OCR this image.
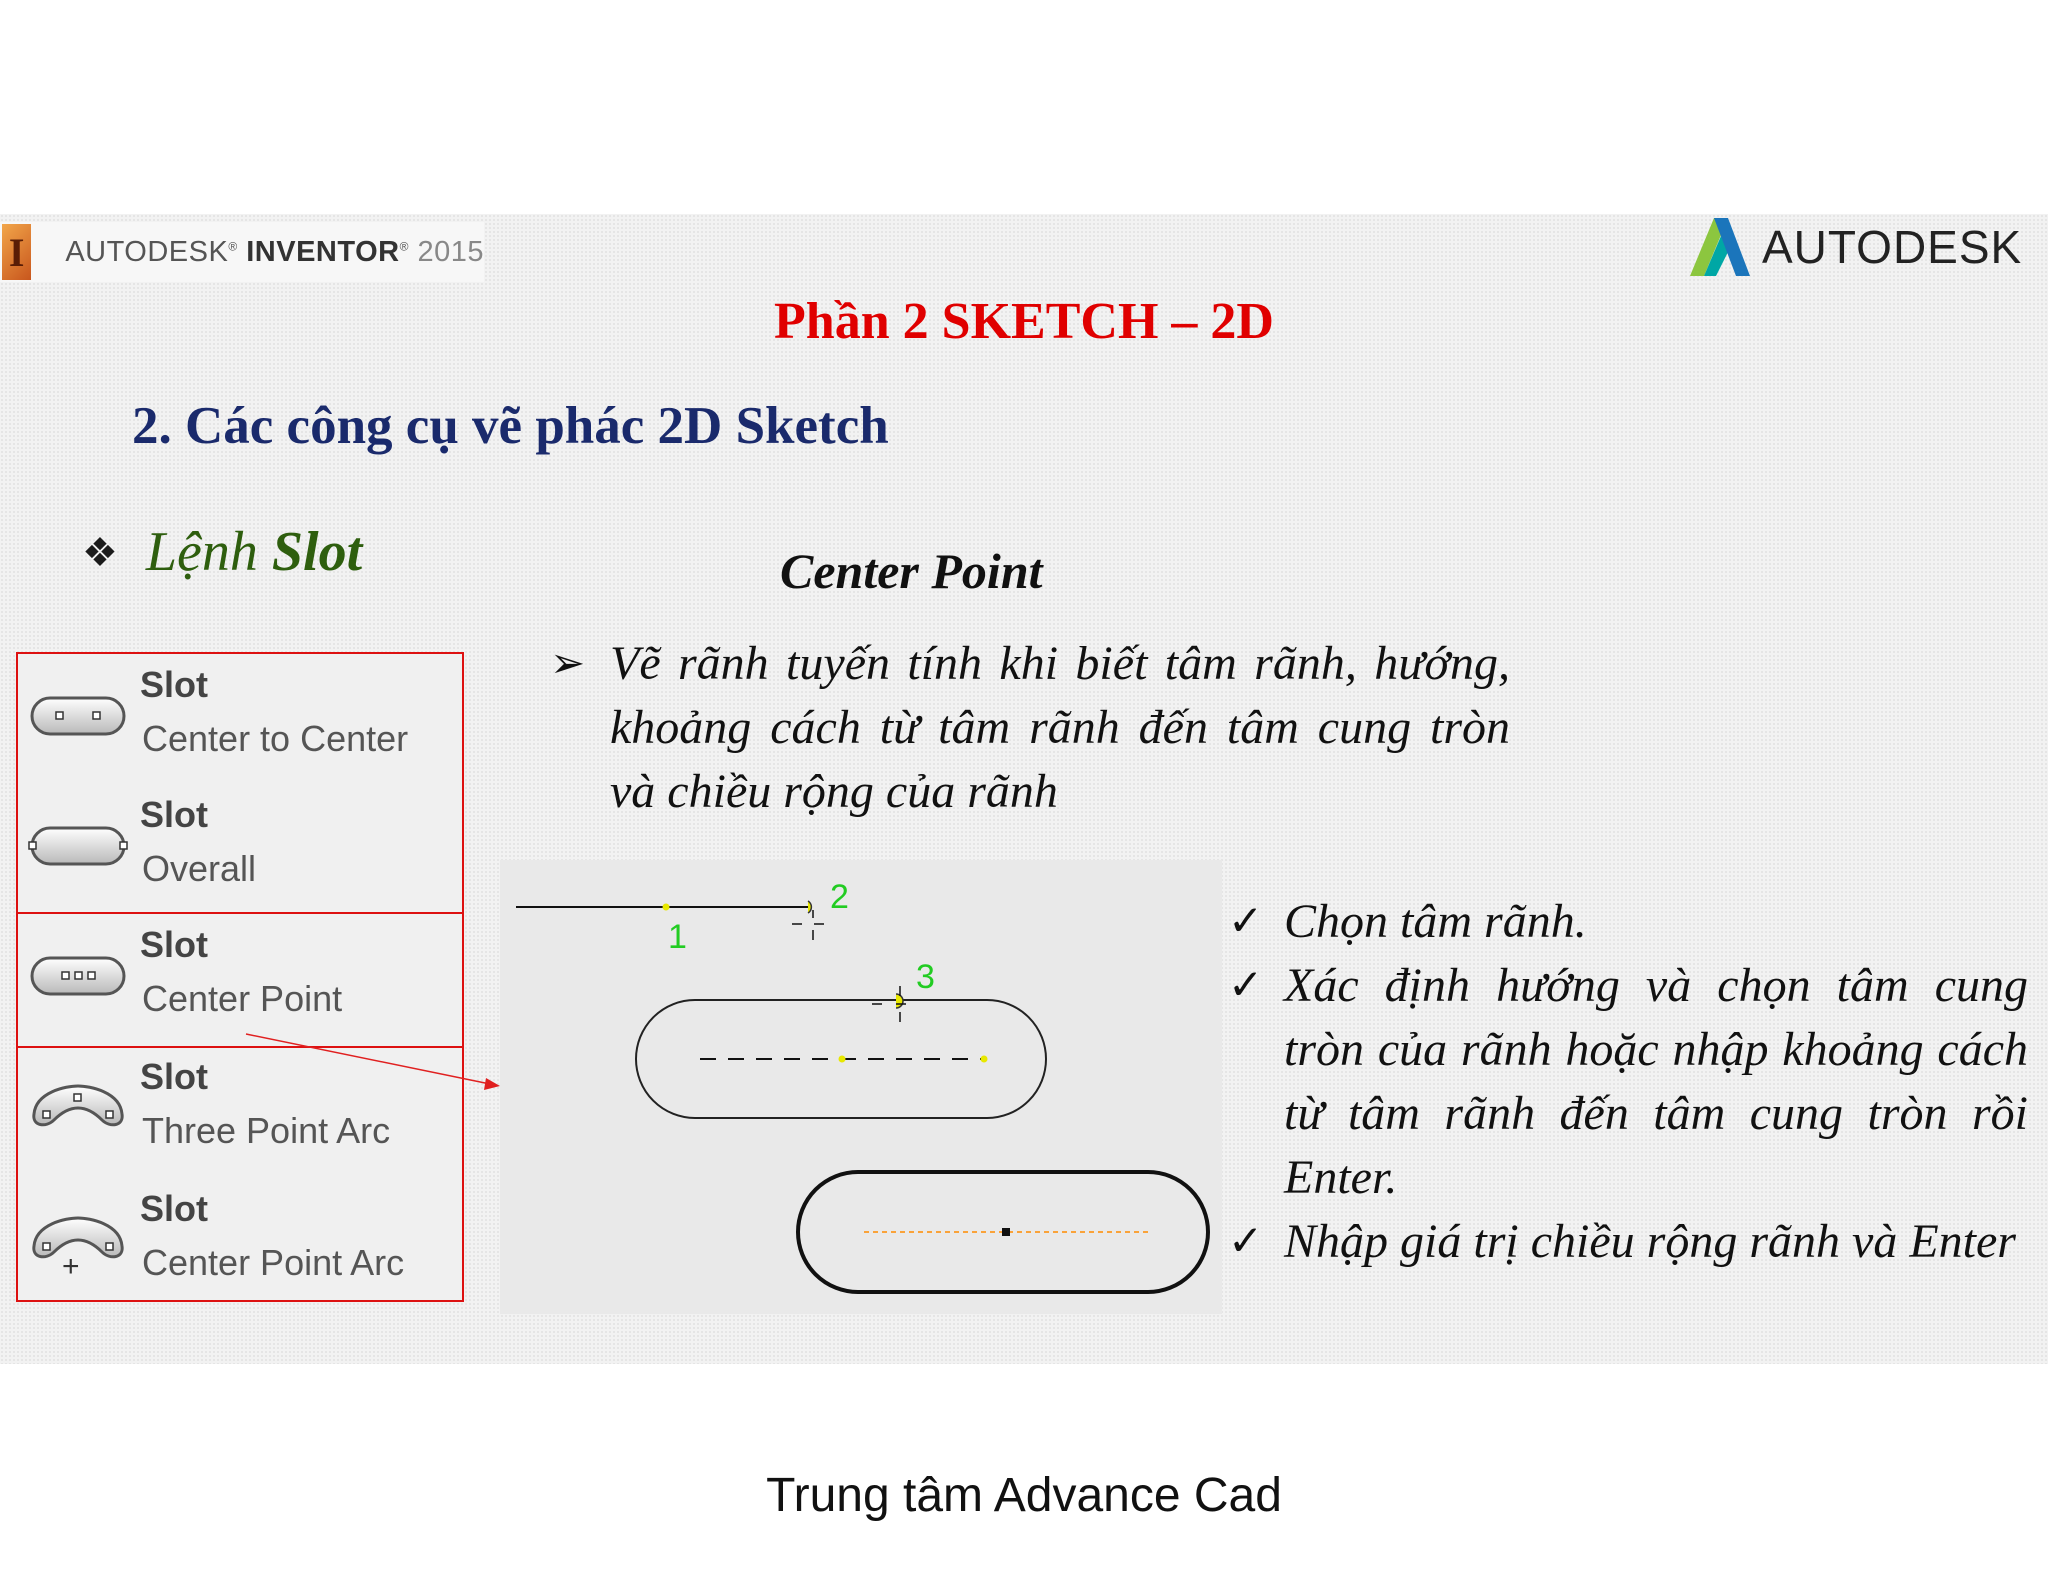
I AUTODESK® INVENTOR® 2015	AUTODESK
Phần 2 SKETCH – 2D
2. Các công cụ vẽ phác 2D Sketch
❖ Lệnh
Slot	Center Point
➢ Vẽ rãnh tuyến tính khi biết tâm rãnh, hướng, khoảng cách từ tâm rãnh đến tâm cung tròn và chiều rộng của rãnh
Slot
Center to Center
Slot
Overall
Slot
Center Point
Slot
Three Point Arc
Slot
Center Point Arc
+
1
2
3
✓ Chọn tâm rãnh.
✓ Xác định hướng và chọn tâm cung tròn của rãnh hoặc nhập khoảng cách từ tâm rãnh đến tâm cung tròn rồi Enter.
✓ Nhập giá trị chiều rộng rãnh và Enter
Trung tâm Advance Cad
